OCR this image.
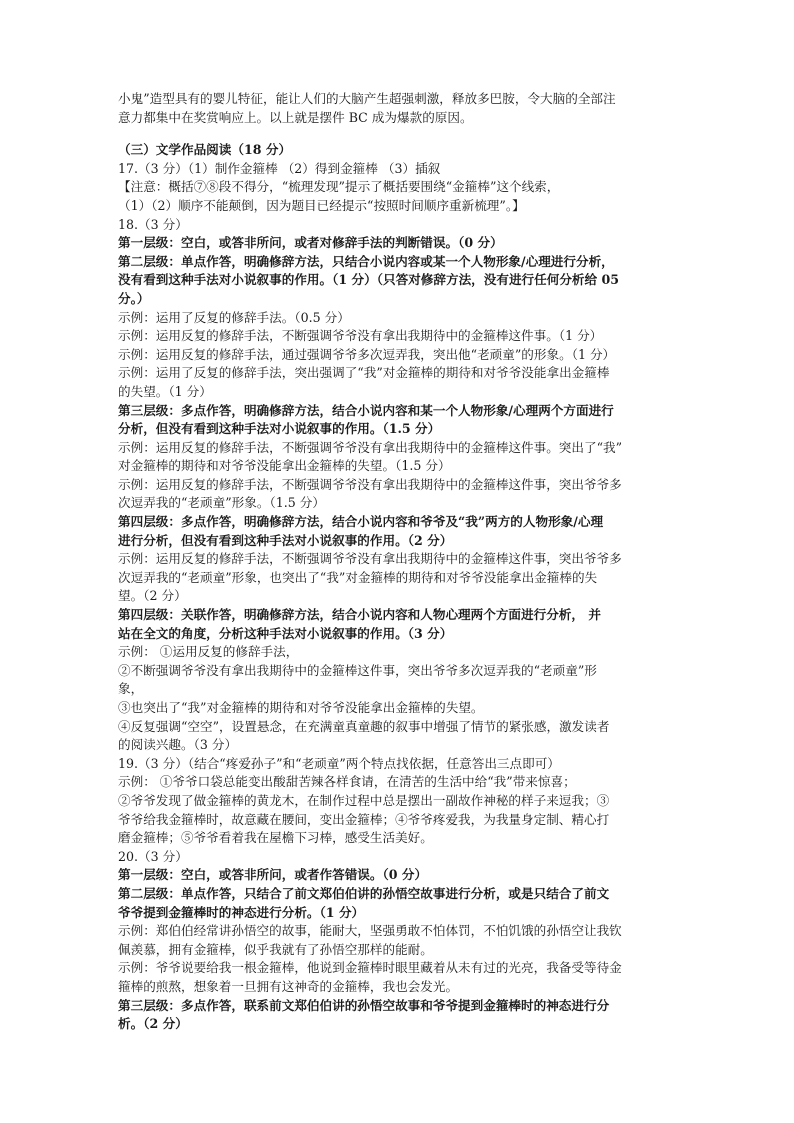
小鬼”造型具有的婴儿特征，能让人们的大脑产生超强刺激，释放多巴胺，令大脑的全部注
意力都集中在奖赏响应上。以上就是摆件 BC 成为爆款的原因。
（三）文学作品阅读（18 分）
17.（3 分）（1）制作金箍棒 （2）得到金箍棒 （3）插叙
【注意：概括⑦⑧段不得分，“梳理发现”提示了概括要围绕“金箍棒”这个线索，
（1）（2）顺序不能颠倒，因为题目已经提示“按照时间顺序重新梳理”。】
18.（3 分）
第一层级：空白，或答非所问，或者对修辞手法的判断错误。（0 分）
第二层级：单点作答，明确修辞方法，只结合小说内容或某一个人物形象/心理进行分析，
没有看到这种手法对小说叙事的作用。（1 分）（只答对修辞方法，没有进行任何分析给 05
分。）
示例：运用了反复的修辞手法。（0.5 分）
示例：运用反复的修辞手法，不断强调爷爷没有拿出我期待中的金箍棒这件事。（1 分）
示例：运用反复的修辞手法，通过强调爷爷多次逗弄我，突出他“老顽童”的形象。（1 分）
示例：运用了反复的修辞手法，突出强调了“我”对金箍棒的期待和对爷爷没能拿出金箍棒
的失望。（1 分）
第三层级：多点作答，明确修辞方法，结合小说内容和某一个人物形象/心理两个方面进行
分析，但没有看到这种手法对小说叙事的作用。（1.5 分）
示例：运用反复的修辞手法，不断强调爷爷没有拿出我期待中的金箍棒这件事。突出了“我”
对金箍棒的期待和对爷爷没能拿出金箍棒的失望。（1.5 分）
示例：运用反复的修辞手法，不断强调爷爷没有拿出我期待中的金箍棒这件事，突出爷爷多
次逗弄我的“老顽童”形象。（1.5 分）
第四层级：多点作答，明确修辞方法，结合小说内容和爷爷及“我”两方的人物形象/心理
进行分析，但没有看到这种手法对小说叙事的作用。（2 分）
示例：运用反复的修辞手法，不断强调爷爷没有拿出我期待中的金箍棒这件事，突出爷爷多
次逗弄我的“老顽童”形象，也突出了“我”对金箍棒的期待和对爷爷没能拿出金箍棒的失
望。（2 分）
第四层级：关联作答，明确修辞方法，结合小说内容和人物心理两个方面进行分析， 并
站在全文的角度，分析这种手法对小说叙事的作用。（3 分）
示例： ①运用反复的修辞手法，
②不断强调爷爷没有拿出我期待中的金箍棒这件事，突出爷爷多次逗弄我的“老顽童”形
象，
③也突出了“我”对金箍棒的期待和对爷爷没能拿出金箍棒的失望。
④反复强调“空空”，设置悬念，在充满童真童趣的叙事中增强了情节的紧张感，激发读者
的阅读兴趣。（3 分）
19.（3 分）（结合“疼爱孙子”和“老顽童”两个特点找依据，任意答出三点即可）
示例： ①爷爷口袋总能变出酸甜苦辣各样食请，在清苦的生活中给“我”带来惊喜；
②爷爷发现了做金箍棒的黄龙木，在制作过程中总是摆出一副故作神秘的样子来逗我；③
爷爷给我金箍棒时，故意藏在腰间，变出金箍棒；④爷爷疼爱我，为我量身定制、精心打
磨金箍棒；⑤爷爷看着我在屋檐下习棒，感受生活美好。
20.（3 分）
第一层级：空白，或答非所问，或者作答错误。（0 分）
第二层级：单点作答，只结合了前文郑伯伯讲的孙悟空故事进行分析，或是只结合了前文
爷爷提到金箍棒时的神态进行分析。（1 分）
示例：郑伯伯经常讲孙悟空的故事，能耐大，坚强勇敢不怕体罚，不怕饥饿的孙悟空让我钦
佩羡慕，拥有金箍棒，似乎我就有了孙悟空那样的能耐。
示例：爷爷说要给我一根金箍棒，他说到金箍棒时眼里藏着从未有过的光亮，我备受等待金
箍棒的煎熬，想象着一旦拥有这神奇的金箍棒，我也会发光。
第三层级：多点作答，联系前文郑伯伯讲的孙悟空故事和爷爷提到金箍棒时的神态进行分
析。（2 分）
